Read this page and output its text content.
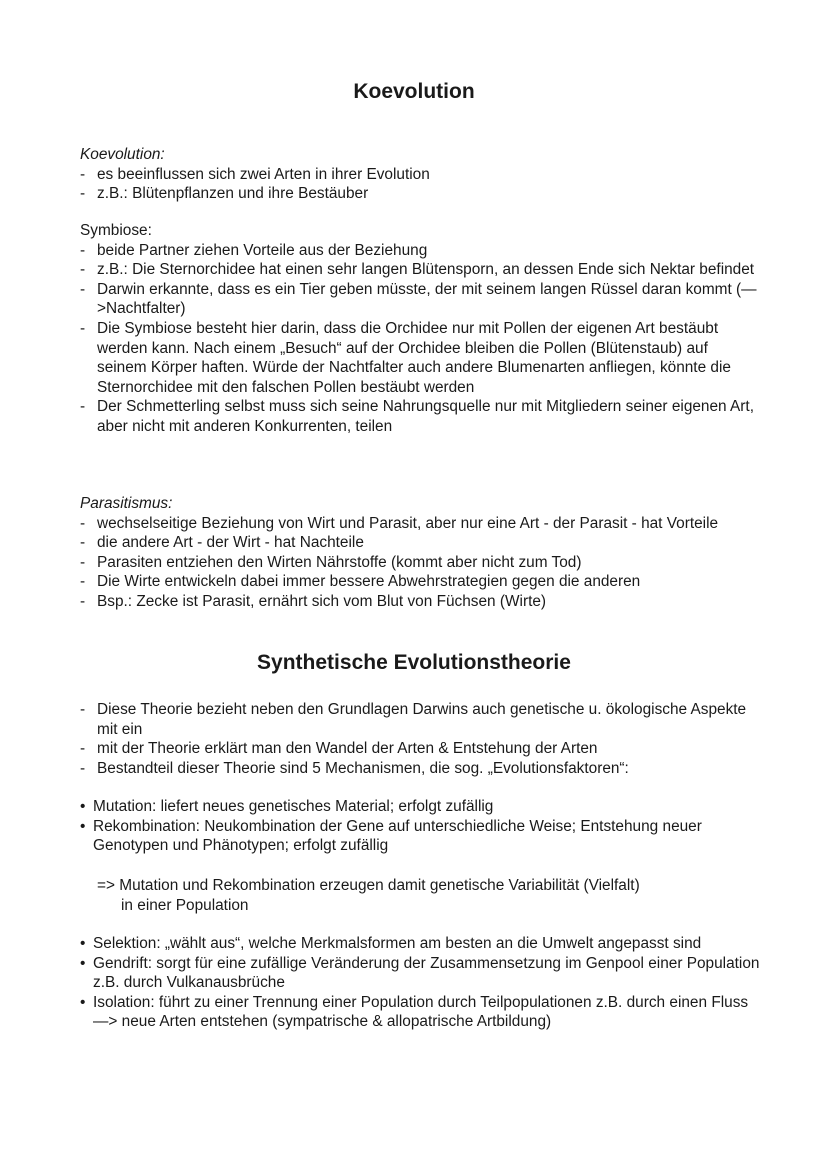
Koevolution

Koevolution:

- es beeinflussen sich zwei Arten in ihrer Evolution
- z.B.: Blütenpflanzen und ihre Bestäuber

Symbiose:

- beide Partner ziehen Vorteile aus der Beziehung
- z.B.: Die Sternorchidee hat einen sehr langen Blütensporn, an dessen Ende sich Nektar befindet
- Darwin erkannte, dass es ein Tier geben müsste, der mit seinem langen Rüssel daran kommt (—>Nachtfalter)
- Die Symbiose besteht hier darin, dass die Orchidee nur mit Pollen der eigenen Art bestäubt werden kann. Nach einem „Besuch“ auf der Orchidee bleiben die Pollen (Blütenstaub) auf seinem Körper haften. Würde der Nachtfalter auch andere Blumenarten anfliegen, könnte die Sternorchidee mit den falschen Pollen bestäubt werden
- Der Schmetterling selbst muss sich seine Nahrungsquelle nur mit Mitgliedern seiner eigenen Art, aber nicht mit anderen Konkurrenten, teilen

Parasitismus:

- wechselseitige Beziehung von Wirt und Parasit, aber nur eine Art - der Parasit - hat Vorteile
- die andere Art - der Wirt - hat Nachteile
- Parasiten entziehen den Wirten Nährstoffe (kommt aber nicht zum Tod)
- Die Wirte entwickeln dabei immer bessere Abwehrstrategien gegen die anderen
- Bsp.: Zecke ist Parasit, ernährt sich vom Blut von Füchsen (Wirte)
Synthetische Evolutionstheorie
- Diese Theorie bezieht neben den Grundlagen Darwins auch genetische u. ökologische Aspekte mit ein
- mit der Theorie erklärt man den Wandel der Arten & Entstehung der Arten
- Bestandteil dieser Theorie sind 5 Mechanismen, die sog. „Evolutionsfaktoren“:
• Mutation: liefert neues genetisches Material; erfolgt zufällig
• Rekombination: Neukombination der Gene auf unterschiedliche Weise; Entstehung neuer Genotypen und Phänotypen; erfolgt zufällig

=> Mutation und Rekombination erzeugen damit genetische Variabilität (Vielfalt)

in einer Population

• Selektion: „wählt aus“, welche Merkmalsformen am besten an die Umwelt angepasst sind
• Gendrift: sorgt für eine zufällige Veränderung der Zusammensetzung im Genpool einer Population z.B. durch Vulkanausbrüche
• Isolation: führt zu einer Trennung einer Population durch Teilpopulationen z.B. durch einen Fluss —> neue Arten entstehen (sympatrische & allopatrische Artbildung)
